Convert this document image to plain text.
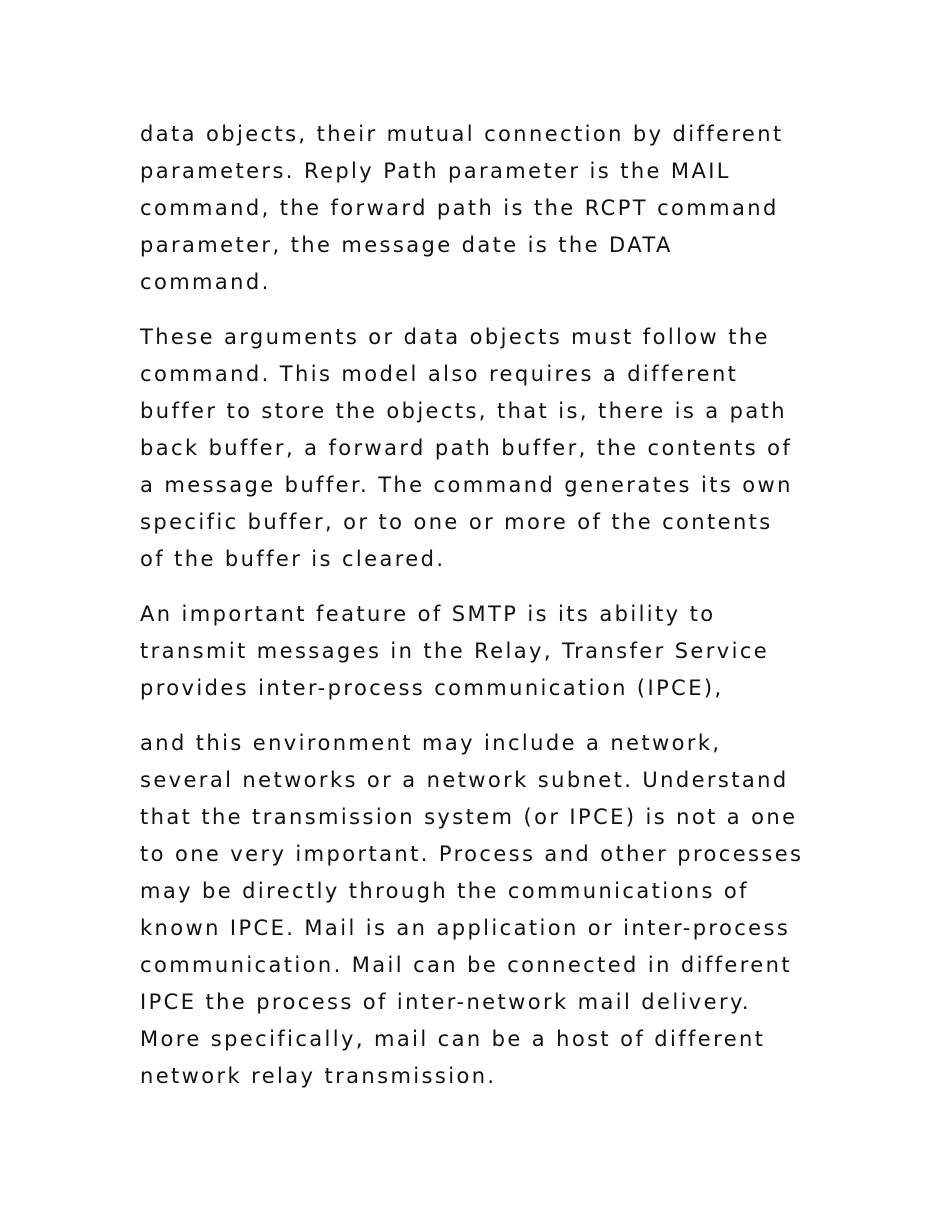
data objects, their mutual connection by different
parameters. Reply Path parameter is the MAIL
command, the forward path is the RCPT command
parameter, the message date is the DATA
command.
These arguments or data objects must follow the
command. This model also requires a different
buffer to store the objects, that is, there is a path
back buffer, a forward path buffer, the contents of
a message buffer. The command generates its own
specific buffer, or to one or more of the contents
of the buffer is cleared.
An important feature of SMTP is its ability to
transmit messages in the Relay, Transfer Service
provides inter-process communication (IPCE),
and this environment may include a network,
several networks or a network subnet. Understand
that the transmission system (or IPCE) is not a one
to one very important. Process and other processes
may be directly through the communications of
known IPCE. Mail is an application or inter-process
communication. Mail can be connected in different
IPCE the process of inter-network mail delivery.
More specifically, mail can be a host of different
network relay transmission.
